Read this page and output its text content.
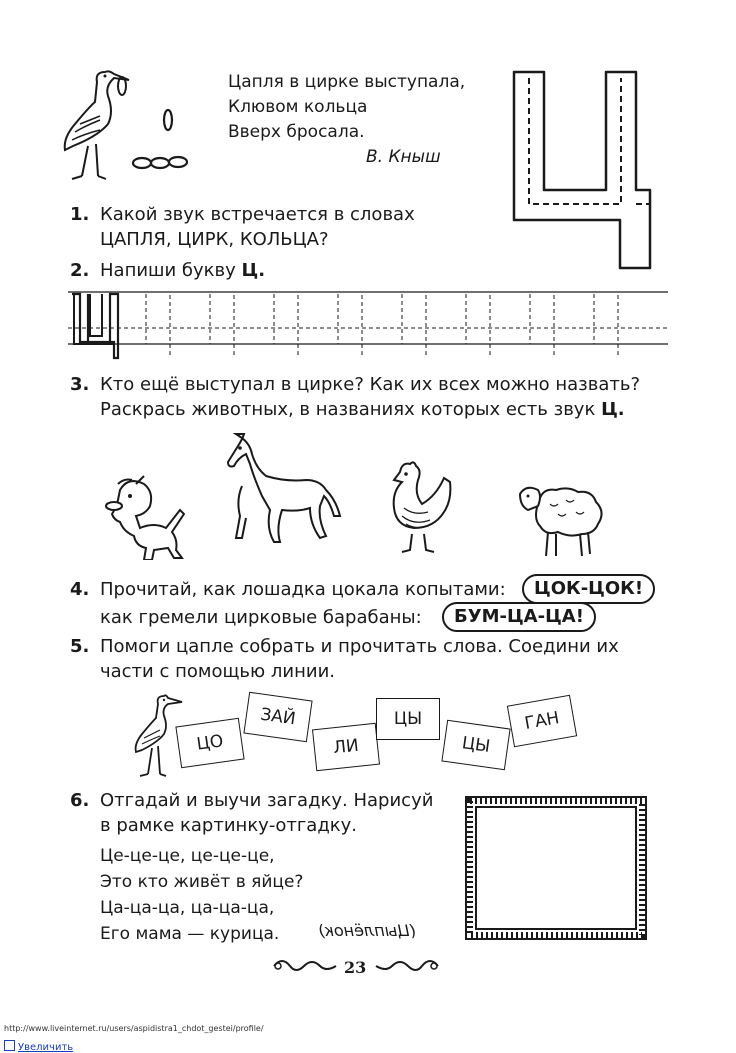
Цапля в цирке выступала,
Клювом кольца
Вверх бросала.
В. Кныш
1. Какой звук встречается в словах
ЦАПЛЯ, ЦИРК, КОЛЬЦА?
2. Напиши букву Ц.
3. Кто ещё выступал в цирке? Как их всех можно назвать?
Раскрась животных, в названиях которых есть звук Ц.
4. Прочитай, как лошадка цокала копытами:	ЦОК-ЦОК!
как гремели цирковые барабаны:	БУМ-ЦА-ЦА!
5. Помоги цапле собрать и прочитать слова. Соедини их
части с помощью линии.
ЦО
ЗАЙ
ЛИ
ЦЫ
ЦЫ
ГАН
6. Отгадай и выучи загадку. Нарисуй
в рамке картинку-отгадку.
Це-це-це, це-це-це,
Это кто живёт в яйце?
Ца-ца-ца, ца-ца-ца,
Его мама — курица.	(Цыплёнок)
23
http://www.liveinternet.ru/users/aspidistra1_chdot_gestei/profile/
Увеличить
